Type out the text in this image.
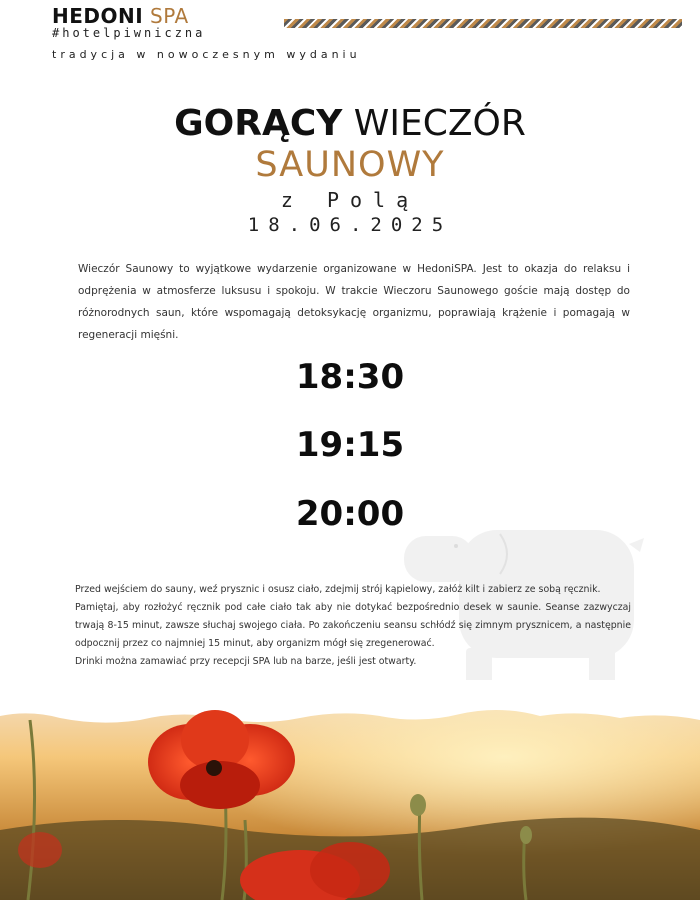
HEDONI SPA
#hotelpiwniczna
tradycja w nowoczesnym wydaniu
GORĄCY WIECZÓR
SAUNOWY
z Polą
18.06.2025
Wieczór Saunowy to wyjątkowe wydarzenie organizowane w HedoniSPA. Jest to okazja do relaksu i odprężenia w atmosferze luksusu i spokoju. W trakcie Wieczoru Saunowego goście mają dostęp do różnorodnych saun, które wspomagają detoksykację organizmu, poprawiają krążenie i pomagają w regeneracji mięśni.
18:30
19:15
20:00

Przed wejściem do sauny, weź prysznic i osusz ciało, zdejmij strój kąpielowy, załóż kilt i zabierz ze sobą ręcznik.

Pamiętaj, aby rozłożyć ręcznik pod całe ciało tak aby nie dotykać bezpośrednio desek w saunie. Seanse zazwyczaj trwają 8-15 minut, zawsze słuchaj swojego ciała. Po zakończeniu seansu schłódź się zimnym prysznicem, a następnie odpocznij przez co najmniej 15 minut, aby organizm mógł się zregenerować.

Drinki można zamawiać przy recepcji SPA lub na barze, jeśli jest otwarty.
